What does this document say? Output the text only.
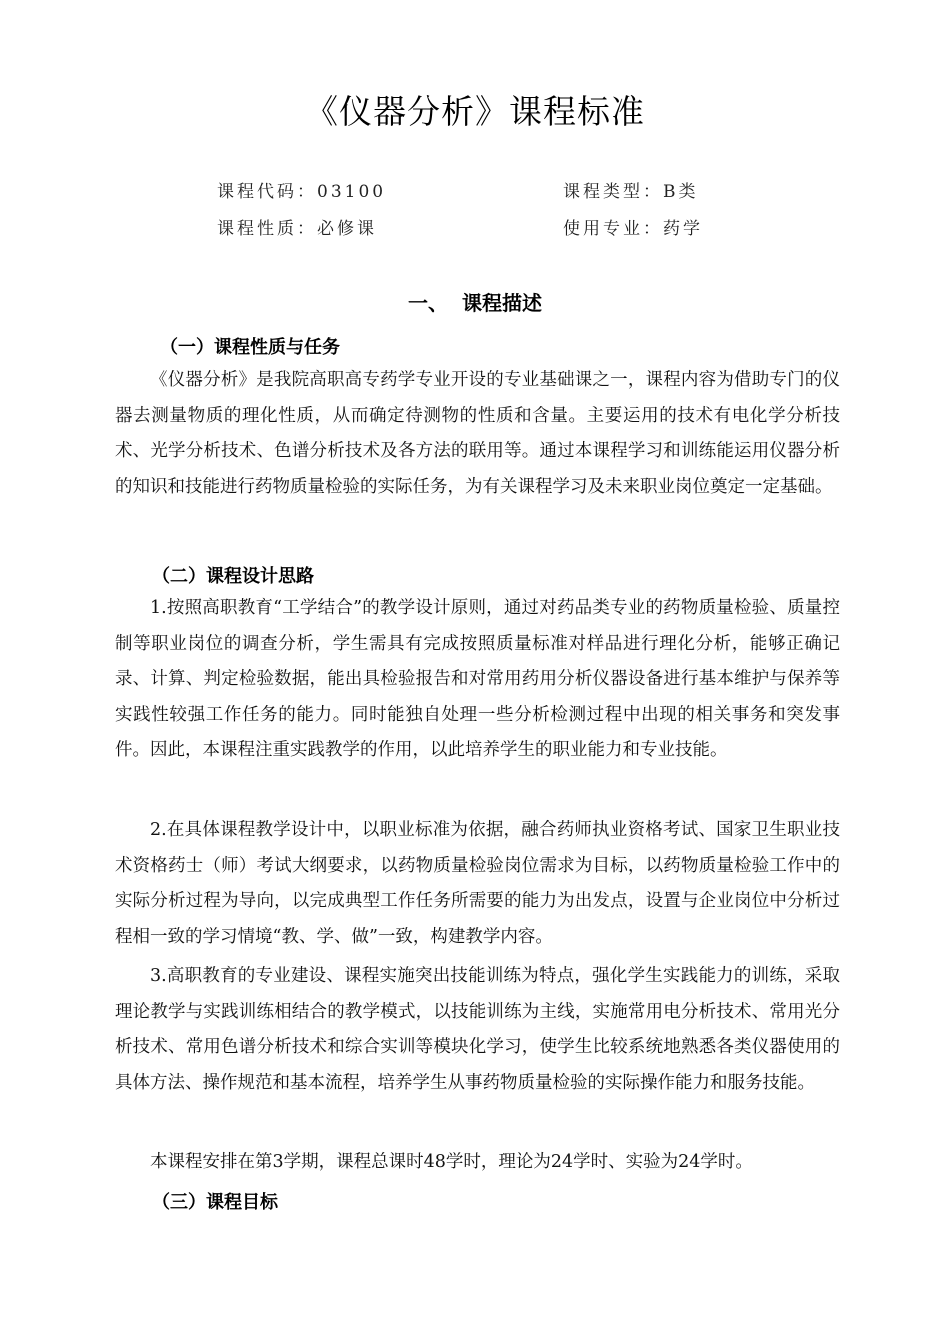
《仪器分析》课程标准
课程代码：03100	课程类型：B类
课程性质：必修课	使用专业：药学
一、  课程描述
（一）课程性质与任务

《仪器分析》是我院高职高专药学专业开设的专业基础课之一，课程内容为借助专门的仪器去测量物质的理化性质，从而确定待测物的性质和含量。主要运用的技术有电化学分析技术、光学分析技术、色谱分析技术及各方法的联用等。通过本课程学习和训练能运用仪器分析的知识和技能进行药物质量检验的实际任务，为有关课程学习及未来职业岗位奠定一定基础。

（二）课程设计思路

1.按照高职教育“工学结合”的教学设计原则，通过对药品类专业的药物质量检验、质量控制等职业岗位的调查分析，学生需具有完成按照质量标准对样品进行理化分析，能够正确记录、计算、判定检验数据，能出具检验报告和对常用药用分析仪器设备进行基本维护与保养等实践性较强工作任务的能力。同时能独自处理一些分析检测过程中出现的相关事务和突发事件。因此，本课程注重实践教学的作用，以此培养学生的职业能力和专业技能。

2.在具体课程教学设计中，以职业标准为依据，融合药师执业资格考试、国家卫生职业技术资格药士（师）考试大纲要求，以药物质量检验岗位需求为目标，以药物质量检验工作中的实际分析过程为导向，以完成典型工作任务所需要的能力为出发点，设置与企业岗位中分析过程相一致的学习情境“教、学、做”一致，构建教学内容。

3.高职教育的专业建设、课程实施突出技能训练为特点，强化学生实践能力的训练，采取理论教学与实践训练相结合的教学模式，以技能训练为主线，实施常用电分析技术、常用光分析技术、常用色谱分析技术和综合实训等模块化学习，使学生比较系统地熟悉各类仪器使用的具体方法、操作规范和基本流程，培养学生从事药物质量检验的实际操作能力和服务技能。

本课程安排在第3学期，课程总课时48学时，理论为24学时、实验为24学时。

（三）课程目标
